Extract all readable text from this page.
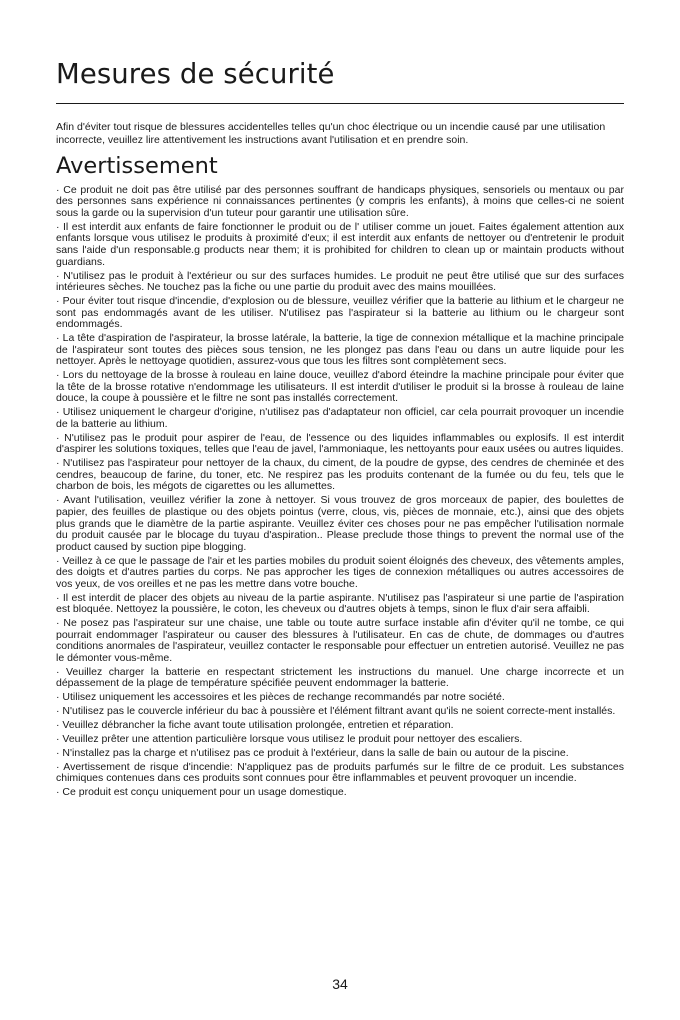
Mesures de sécurité

Afin d'éviter tout risque de blessures accidentelles telles qu'un choc électrique ou un incendie causé par une utilisation incorrecte, veuillez lire attentivement les instructions avant l'utilisation et en prendre soin.

Avertissement
· Ce produit ne doit pas être utilisé par des personnes souffrant de handicaps physiques, sensoriels ou mentaux ou par des personnes sans expérience ni connaissances pertinentes (y compris les enfants), à moins que celles-ci ne soient sous la garde ou la supervision d'un tuteur pour garantir une utilisation sûre.
· Il est interdit aux enfants de faire fonctionner le produit ou de l' utiliser comme un jouet. Faites également attention aux enfants lorsque vous utilisez le produits à proximité d'eux; il est interdit aux enfants de nettoyer ou d'entretenir le produit sans l'aide d'un responsable.g products near them; it is prohibited for children to clean up or maintain products without guardians.
· N'utilisez pas le produit à l'extérieur ou sur des surfaces humides. Le produit ne peut être utilisé que sur des surfaces intérieures sèches. Ne touchez pas la fiche ou une partie du produit avec des mains mouillées.
· Pour éviter tout risque d'incendie, d'explosion ou de blessure, veuillez vérifier que la batterie au lithium et le chargeur ne sont pas endommagés avant de les utiliser. N'utilisez pas l'aspirateur si la batterie au lithium ou le chargeur sont endommagés.
· La tête d'aspiration de l'aspirateur, la brosse latérale, la batterie, la tige de connexion métallique et la machine principale de l'aspirateur sont toutes des pièces sous tension, ne les plongez pas dans l'eau ou dans un autre liquide pour les nettoyer. Après le nettoyage quotidien, assurez-vous que tous les filtres sont complètement secs.
· Lors du nettoyage de la brosse à rouleau en laine douce, veuillez d'abord éteindre la machine principale pour éviter que la tête de la brosse rotative n'endommage les utilisateurs. Il est interdit d'utiliser le produit si la brosse à rouleau de laine douce, la coupe à poussière et le filtre ne sont pas installés correctement.
· Utilisez uniquement le chargeur d'origine, n'utilisez pas d'adaptateur non officiel, car cela pourrait provoquer un incendie de la batterie au lithium.
· N'utilisez pas le produit pour aspirer de l'eau, de l'essence ou des liquides inflammables ou explosifs. Il est interdit d'aspirer les solutions toxiques, telles que l'eau de javel, l'ammoniaque, les nettoyants pour eaux usées ou autres liquides.
· N'utilisez pas l'aspirateur pour nettoyer de la chaux, du ciment, de la poudre de gypse, des cendres de cheminée et des cendres, beaucoup de farine, du toner, etc. Ne respirez pas les produits contenant de la fumée ou du feu, tels que le charbon de bois, les mégots de cigarettes ou les allumettes.
· Avant l'utilisation, veuillez vérifier la zone à nettoyer. Si vous trouvez de gros morceaux de papier, des boulettes de papier, des feuilles de plastique ou des objets pointus (verre, clous, vis, pièces de monnaie, etc.), ainsi que des objets plus grands que le diamètre de la partie aspirante. Veuillez éviter ces choses pour ne pas empêcher l'utilisation normale du produit causée par le blocage du tuyau d'aspiration.. Please preclude those things to prevent the normal use of the product caused by suction pipe blogging.
· Veillez à ce que le passage de l'air et les parties mobiles du produit soient éloignés des cheveux, des vêtements amples, des doigts et d'autres parties du corps. Ne pas approcher les tiges de connexion métalliques ou autres accessoires de vos yeux, de vos oreilles et ne pas les mettre dans votre bouche.
· Il est interdit de placer des objets au niveau de la partie aspirante. N'utilisez pas l'aspirateur si une partie de l'aspiration est bloquée. Nettoyez la poussière, le coton, les cheveux ou d'autres objets à temps, sinon le flux d'air sera affaibli.
· Ne posez pas l'aspirateur sur une chaise, une table ou toute autre surface instable afin d'éviter qu'il ne tombe, ce qui pourrait endommager l'aspirateur ou causer des blessures à l'utilisateur. En cas de chute, de dommages ou d'autres conditions anormales de l'aspirateur, veuillez contacter le responsable pour effectuer un entretien autorisé. Veuillez ne pas le démonter vous-même.
· Veuillez charger la batterie en respectant strictement les instructions du manuel. Une charge incorrecte et un dépassement de la plage de température spécifiée peuvent endommager la batterie.
· Utilisez uniquement les accessoires et les pièces de rechange recommandés par notre société.
· N'utilisez pas le couvercle inférieur du bac à poussière et l'élément filtrant avant qu'ils ne soient correcte-ment installés.
· Veuillez débrancher la fiche avant toute utilisation prolongée, entretien et réparation.
· Veuillez prêter une attention particulière lorsque vous utilisez le produit pour nettoyer des escaliers.
· N'installez pas la charge et n'utilisez pas ce produit à l'extérieur, dans la salle de bain ou autour de la piscine.
· Avertissement de risque d'incendie: N'appliquez pas de produits parfumés sur le filtre de ce produit. Les substances chimiques contenues dans ces produits sont connues pour être inflammables et peuvent provoquer un incendie.
· Ce produit est conçu uniquement pour un usage domestique.
34
